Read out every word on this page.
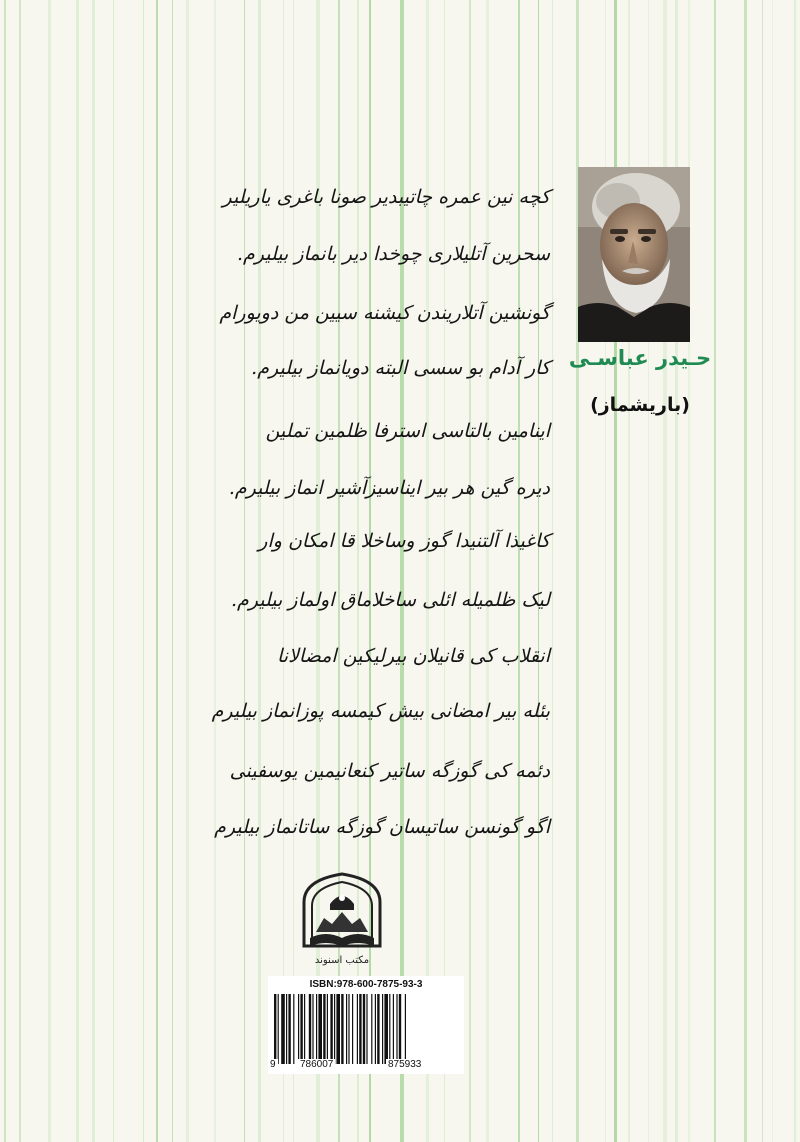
کچه نین عمره چاتیبدیر صونا باغری یاریلیر
سحرین آتلیلاری چوخدا دیر بانماز بیلیرم.
گونشین آتلاریندن کیشنه سیین من دویورام
کار آدام بو سسی البته دویانماز بیلیرم.
اینامین بالتاسی استرفا ظلمین تملین
دیره گین هر بیر ایناسیزآشیر انماز بیلیرم.
کاغیذا آلتنیدا گوز وساخلا قا امکان وار
لیک ظلمیله ائلی ساخلاماق اولماز بیلیرم.
انقلاب کی قانیلان بیرلیکین امضالانا
بئله بیر امضانی بیش کیمسه پوزانماز بیلیرم
دئمه کی گوزگه ساتیر کنعانیمین یوسفینی
اگو گونسن ساتیسان گوزگه ساتانماز بیلیرم
حـیدر عباسـی
(باریشماز)
مکتب اسنوند
ISBN:978-600-7875-93-3
9 786007	875933
